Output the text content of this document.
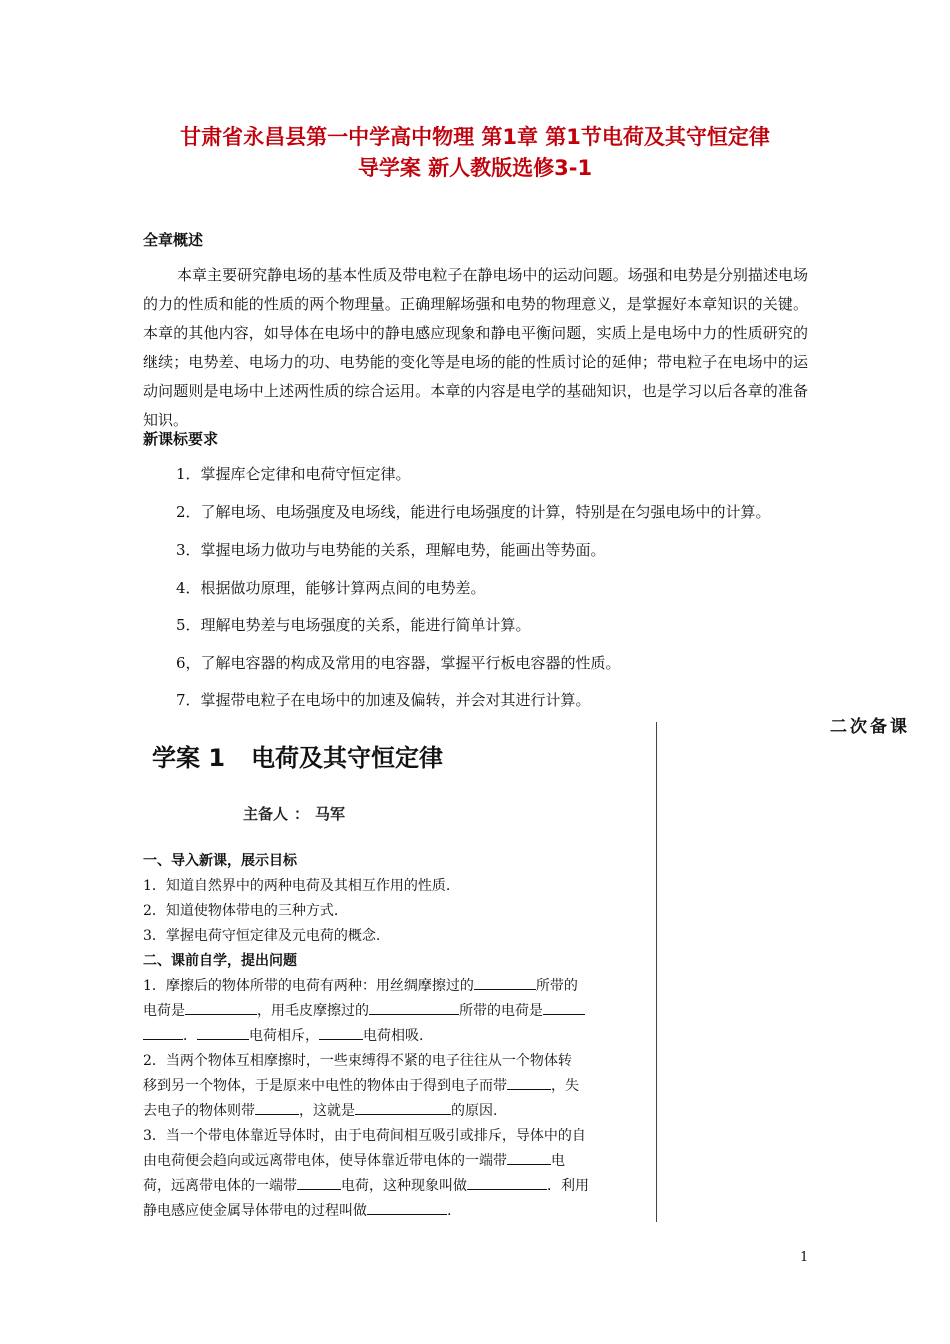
甘肃省永昌县第一中学高中物理 第1章 第1节电荷及其守恒定律
导学案 新人教版选修3-1
全章概述

本章主要研究静电场的基本性质及带电粒子在静电场中的运动问题。场强和电势是分别描述电场的力的性质和能的性质的两个物理量。正确理解场强和电势的物理意义，是掌握好本章知识的关键。本章的其他内容，如导体在电场中的静电感应现象和静电平衡问题，实质上是电场中力的性质研究的继续；电势差、电场力的功、电势能的变化等是电场的能的性质讨论的延伸；带电粒子在电场中的运动问题则是电场中上述两性质的综合运用。本章的内容是电学的基础知识，也是学习以后各章的准备知识。

新课标要求
1．掌握库仑定律和电荷守恒定律。
2．了解电场、电场强度及电场线，能进行电场强度的计算，特别是在匀强电场中的计算。
3．掌握电场力做功与电势能的关系，理解电势，能画出等势面。
4．根据做功原理，能够计算两点间的电势差。
5．理解电势差与电场强度的关系，能进行简单计算。
6，了解电容器的构成及常用的电容器，掌握平行板电容器的性质。
7．掌握带电粒子在电场中的加速及偏转，并会对其进行计算。
二次备课
学案 1 电荷及其守恒定律
主备人 ： 马军
一、导入新课，展示目标
1．知道自然界中的两种电荷及其相互作用的性质.
2．知道使物体带电的三种方式.
3．掌握电荷守恒定律及元电荷的概念.
二、课前自学，提出问题
1．摩擦后的物体所带的电荷有两种：用丝绸摩擦过的	所带的
电荷是	，用毛皮摩擦过的	所带的电荷是
．	电荷相斥，	电荷相吸.
2．当两个物体互相摩擦时，一些束缚得不紧的电子往往从一个物体转
移到另一个物体，于是原来中电性的物体由于得到电子而带	，失
去电子的物体则带	，这就是	的原因.
3．当一个带电体靠近导体时，由于电荷间相互吸引或排斥，导体中的自
由电荷便会趋向或远离带电体，使导体靠近带电体的一端带	电
荷，远离带电体的一端带	电荷，这种现象叫做	．利用
静电感应使金属导体带电的过程叫做	.
1
